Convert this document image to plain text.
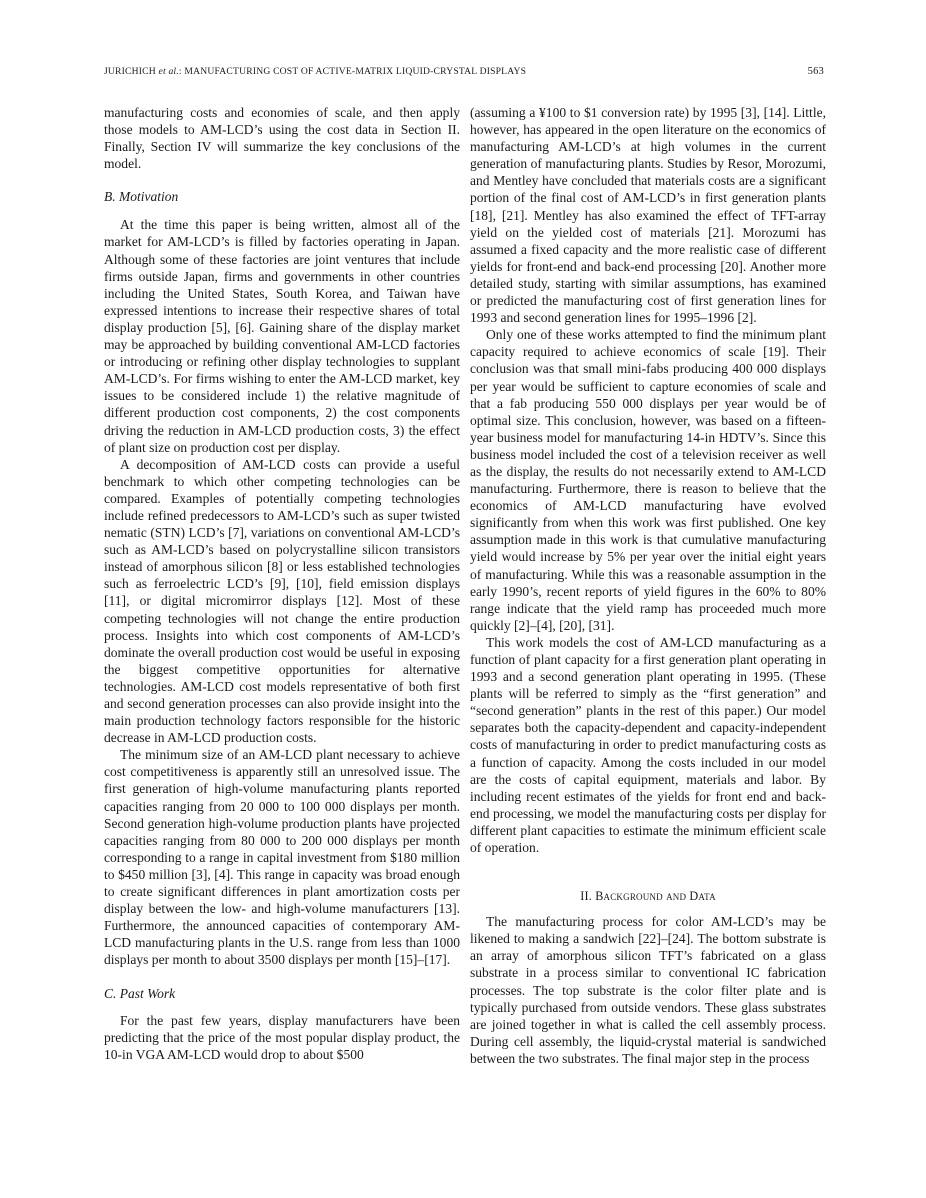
JURICHICH et al.: MANUFACTURING COST OF ACTIVE-MATRIX LIQUID-CRYSTAL DISPLAYS	563

manufacturing costs and economies of scale, and then apply those models to AM-LCD’s using the cost data in Section II. Finally, Section IV will summarize the key conclusions of the model.

B. Motivation

At the time this paper is being written, almost all of the market for AM-LCD’s is filled by factories operating in Japan. Although some of these factories are joint ventures that include firms outside Japan, firms and governments in other countries including the United States, South Korea, and Taiwan have expressed intentions to increase their respective shares of total display production [5], [6]. Gaining share of the display market may be approached by building conventional AM-LCD factories or introducing or refining other display technologies to supplant AM-LCD’s. For firms wishing to enter the AM-LCD market, key issues to be considered include 1) the relative magnitude of different production cost components, 2) the cost components driving the reduction in AM-LCD production costs, 3) the effect of plant size on production cost per display.

A decomposition of AM-LCD costs can provide a useful benchmark to which other competing technologies can be compared. Examples of potentially competing technologies include refined predecessors to AM-LCD’s such as super twisted nematic (STN) LCD’s [7], variations on conventional AM-LCD’s such as AM-LCD’s based on polycrystalline silicon transistors instead of amorphous silicon [8] or less established technologies such as ferroelectric LCD’s [9], [10], field emission displays [11], or digital micromirror displays [12]. Most of these competing technologies will not change the entire production process. Insights into which cost components of AM-LCD’s dominate the overall production cost would be useful in exposing the biggest competitive opportunities for alternative technologies. AM-LCD cost models representative of both first and second generation processes can also provide insight into the main production technology factors responsible for the historic decrease in AM-LCD production costs.

The minimum size of an AM-LCD plant necessary to achieve cost competitiveness is apparently still an unresolved issue. The first generation of high-volume manufacturing plants reported capacities ranging from 20 000 to 100 000 displays per month. Second generation high-volume production plants have projected capacities ranging from 80 000 to 200 000 displays per month corresponding to a range in capital investment from $180 million to $450 million [3], [4]. This range in capacity was broad enough to create significant differences in plant amortization costs per display between the low- and high-volume manufacturers [13]. Furthermore, the announced capacities of contemporary AM-LCD manufacturing plants in the U.S. range from less than 1000 displays per month to about 3500 displays per month [15]–[17].

C. Past Work

For the past few years, display manufacturers have been predicting that the price of the most popular display product, the 10-in VGA AM-LCD would drop to about $500

(assuming a ¥100 to $1 conversion rate) by 1995 [3], [14]. Little, however, has appeared in the open literature on the economics of manufacturing AM-LCD’s at high volumes in the current generation of manufacturing plants. Studies by Resor, Morozumi, and Mentley have concluded that materials costs are a significant portion of the final cost of AM-LCD’s in first generation plants [18], [21]. Mentley has also examined the effect of TFT-array yield on the yielded cost of materials [21]. Morozumi has assumed a fixed capacity and the more realistic case of different yields for front-end and back-end processing [20]. Another more detailed study, starting with similar assumptions, has examined or predicted the manufacturing cost of first generation lines for 1993 and second generation lines for 1995–1996 [2].

Only one of these works attempted to find the minimum plant capacity required to achieve economics of scale [19]. Their conclusion was that small mini-fabs producing 400 000 displays per year would be sufficient to capture economies of scale and that a fab producing 550 000 displays per year would be of optimal size. This conclusion, however, was based on a fifteen-year business model for manufacturing 14-in HDTV’s. Since this business model included the cost of a television receiver as well as the display, the results do not necessarily extend to AM-LCD manufacturing. Furthermore, there is reason to believe that the economics of AM-LCD manufacturing have evolved significantly from when this work was first published. One key assumption made in this work is that cumulative manufacturing yield would increase by 5% per year over the initial eight years of manufacturing. While this was a reasonable assumption in the early 1990’s, recent reports of yield figures in the 60% to 80% range indicate that the yield ramp has proceeded much more quickly [2]–[4], [20], [31].

This work models the cost of AM-LCD manufacturing as a function of plant capacity for a first generation plant operating in 1993 and a second generation plant operating in 1995. (These plants will be referred to simply as the “first generation” and “second generation” plants in the rest of this paper.) Our model separates both the capacity-dependent and capacity-independent costs of manufacturing in order to predict manufacturing costs as a function of capacity. Among the costs included in our model are the costs of capital equipment, materials and labor. By including recent estimates of the yields for front end and back-end processing, we model the manufacturing costs per display for different plant capacities to estimate the minimum efficient scale of operation.

II. Background and Data

The manufacturing process for color AM-LCD’s may be likened to making a sandwich [22]–[24]. The bottom substrate is an array of amorphous silicon TFT’s fabricated on a glass substrate in a process similar to conventional IC fabrication processes. The top substrate is the color filter plate and is typically purchased from outside vendors. These glass substrates are joined together in what is called the cell assembly process. During cell assembly, the liquid-crystal material is sandwiched between the two substrates. The final major step in the process
